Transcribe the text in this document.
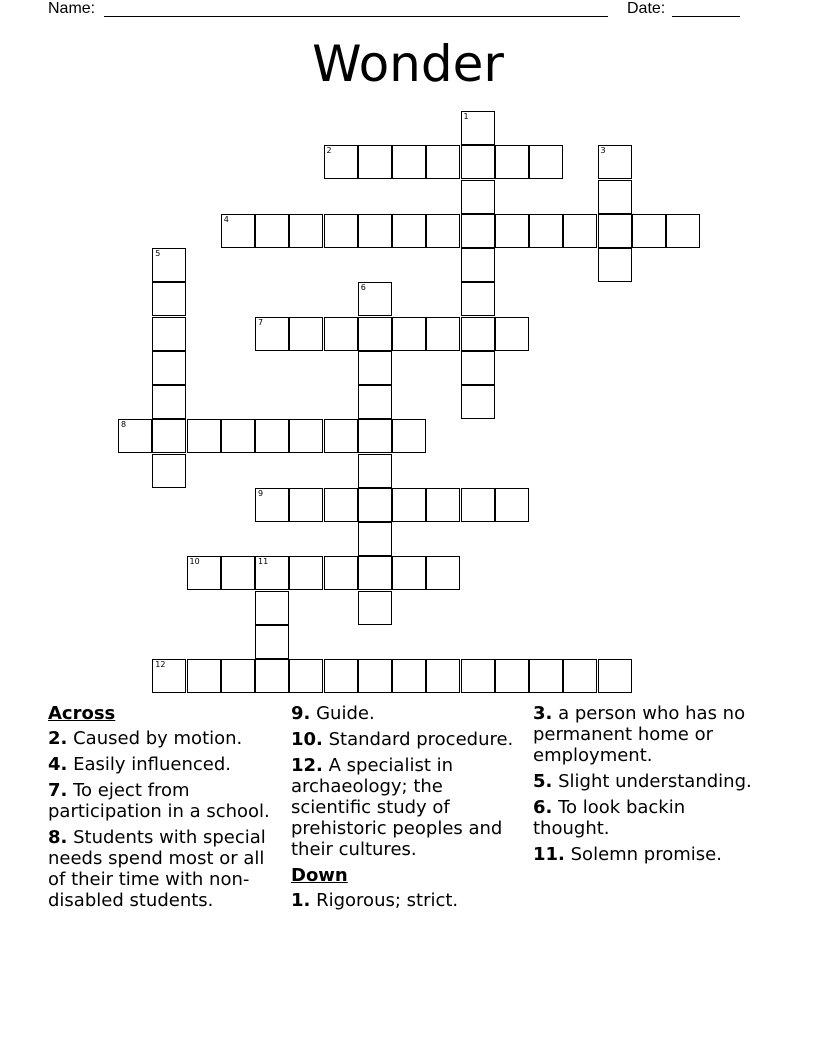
Name:	Date:
Wonder
1
2	3
4
5
6
7
8
9
10	11
12
Across
2. Caused by motion.
4. Easily influenced.
7. To eject from participation in a school.
8. Students with special needs spend most or all of their time with non-disabled students.
9. Guide.
10. Standard procedure.
12. A specialist in archaeology; the scientific study of prehistoric peoples and their cultures.
Down
1. Rigorous; strict.
3. a person who has no permanent home or employment.
5. Slight understanding.
6. To look backin thought.
11. Solemn promise.
